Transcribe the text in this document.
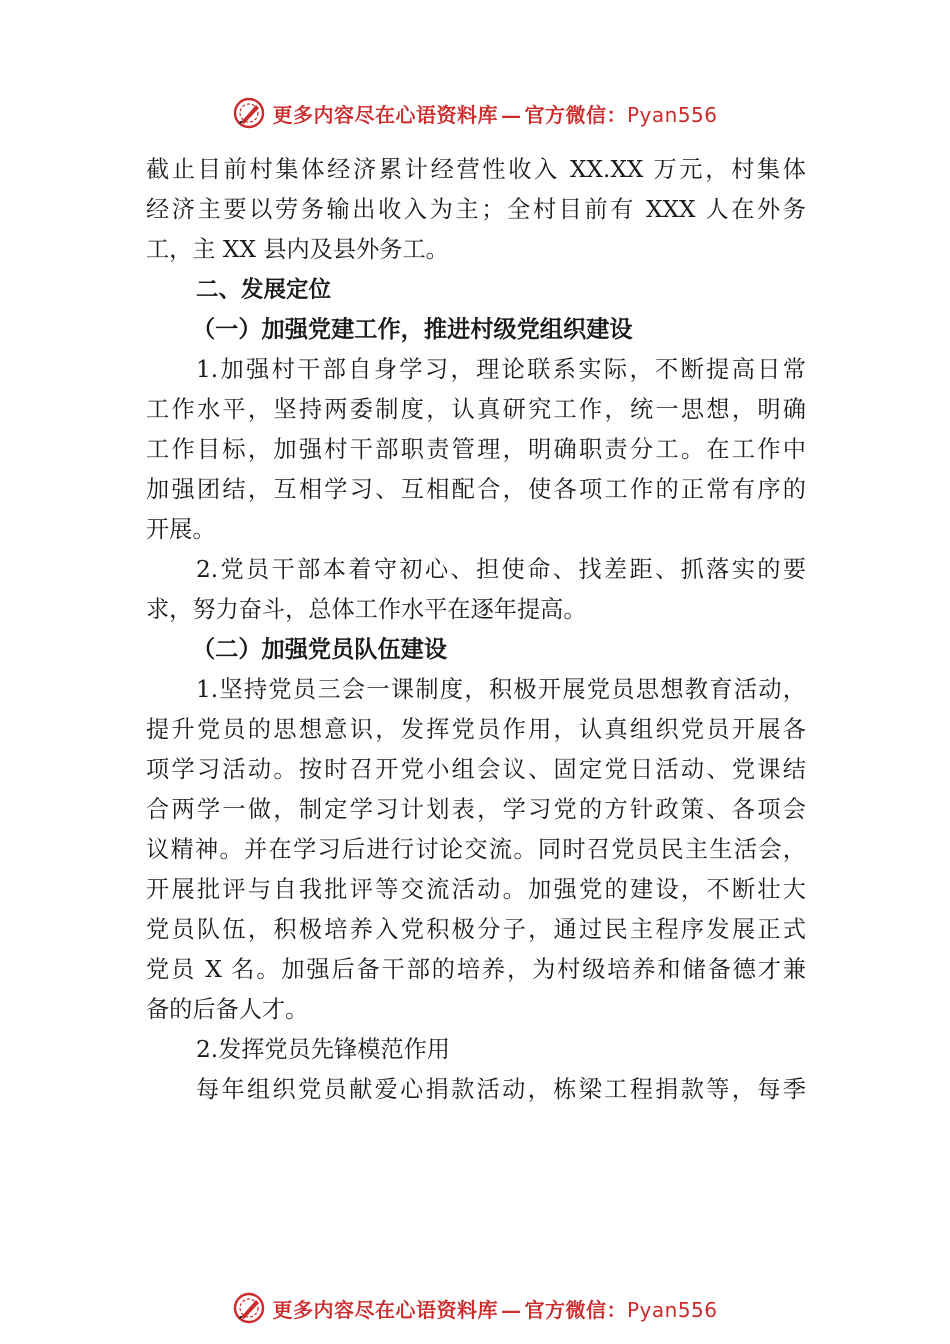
更多内容尽在心语资料库 — 官方微信：Pyan556
截止目前村集体经济累计经营性收入 XX.XX 万元，村集体
经济主要以劳务输出收入为主；全村目前有 XXX 人在外务
工，主 XX 县内及县外务工。
二、发展定位
（一）加强党建工作，推进村级党组织建设
1.加强村干部自身学习，理论联系实际，不断提高日常
工作水平，坚持两委制度，认真研究工作，统一思想，明确
工作目标，加强村干部职责管理，明确职责分工。在工作中
加强团结，互相学习、互相配合，使各项工作的正常有序的
开展。
2.党员干部本着守初心、担使命、找差距、抓落实的要
求，努力奋斗，总体工作水平在逐年提高。
（二）加强党员队伍建设
1.坚持党员三会一课制度，积极开展党员思想教育活动，
提升党员的思想意识，发挥党员作用，认真组织党员开展各
项学习活动。按时召开党小组会议、固定党日活动、党课结
合两学一做，制定学习计划表，学习党的方针政策、各项会
议精神。并在学习后进行讨论交流。同时召党员民主生活会，
开展批评与自我批评等交流活动。加强党的建设，不断壮大
党员队伍，积极培养入党积极分子，通过民主程序发展正式
党员 X 名。加强后备干部的培养，为村级培养和储备德才兼
备的后备人才。
2.发挥党员先锋模范作用
每年组织党员献爱心捐款活动，栋梁工程捐款等，每季
更多内容尽在心语资料库 — 官方微信：Pyan556
